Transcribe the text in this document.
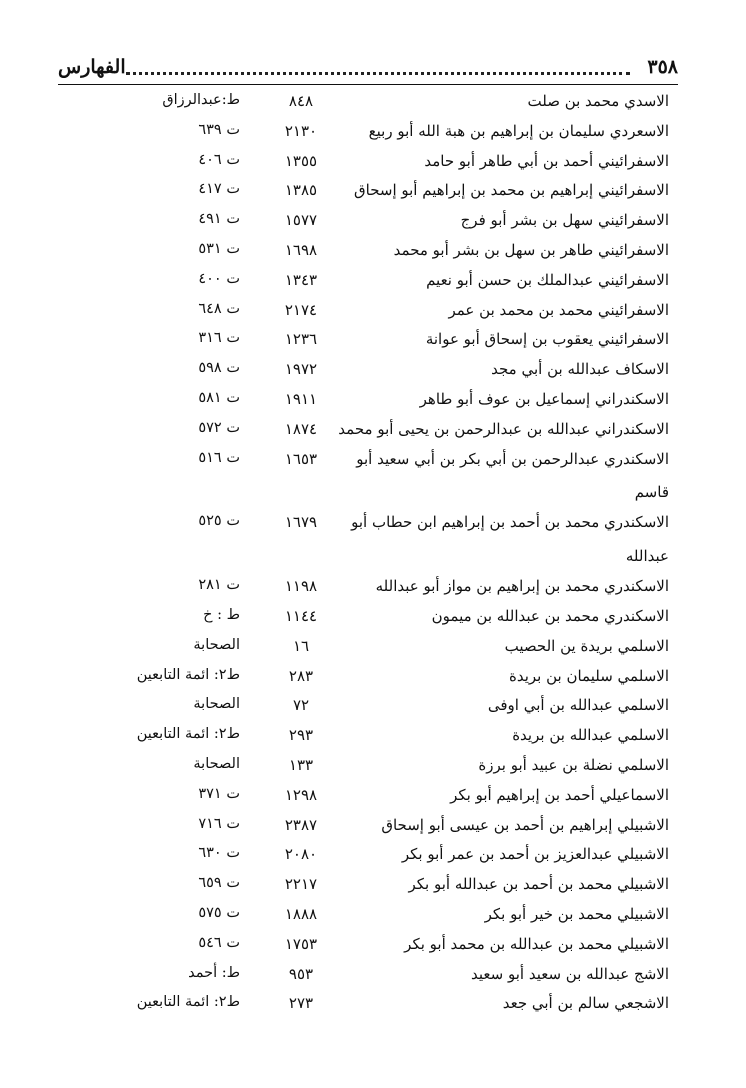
٣٥٨
الفهارس
الاسدي محمد بن صلت
٨٤٨
ط:عبدالرزاق
الاسعردي سليمان بن إبراهيم بن هبة الله أبو ربيع
٢١٣٠
ت ٦٣٩
الاسفرائيني أحمد بن أبي طاهر أبو حامد
١٣٥٥
ت ٤٠٦
الاسفرائيني إبراهيم بن محمد بن إبراهيم أبو إسحاق
١٣٨٥
ت ٤١٧
الاسفرائيني سهل بن بشر أبو فرج
١٥٧٧
ت ٤٩١
الاسفرائيني طاهر بن سهل بن بشر أبو محمد
١٦٩٨
ت ٥٣١
الاسفرائيني عبدالملك بن حسن أبو نعيم
١٣٤٣
ت ٤٠٠
الاسفرائيني محمد بن محمد بن عمر
٢١٧٤
ت ٦٤٨
الاسفرائيني يعقوب بن إسحاق أبو عوانة
١٢٣٦
ت ٣١٦
الاسكاف عبدالله بن أبي مجد
١٩٧٢
ت ٥٩٨
الاسكندراني إسماعيل بن عوف أبو طاهر
١٩١١
ت ٥٨١
الاسكندراني عبدالله بن عبدالرحمن بن يحيى أبو محمد
١٨٧٤
ت ٥٧٢
الاسكندري عبدالرحمن بن أبي بكر بن أبي سعيد أبو
١٦٥٣
ت ٥١٦
قاسم
الاسكندري محمد بن أحمد بن إبراهيم ابن حطاب أبو
١٦٧٩
ت ٥٢٥
عبدالله
الاسكندري محمد بن إبراهيم بن مواز أبو عبدالله
١١٩٨
ت ٢٨١
الاسكندري محمد بن عبدالله بن ميمون
١١٤٤
ط : خ
الاسلمي بريدة ين الحصيب
١٦
الصحابة
الاسلمي سليمان بن بريدة
٢٨٣
ط٢: ائمة التابعين
الاسلمي عبدالله بن أبي اوفى
٧٢
الصحابة
الاسلمي عبدالله بن بريدة
٢٩٣
ط٢: ائمة التابعين
الاسلمي نضلة بن عبيد أبو برزة
١٣٣
الصحابة
الاسماعيلي أحمد بن إبراهيم أبو بكر
١٢٩٨
ت ٣٧١
الاشبيلي إبراهيم بن أحمد بن عيسى أبو إسحاق
٢٣٨٧
ت ٧١٦
الاشبيلي عبدالعزيز بن أحمد بن عمر أبو بكر
٢٠٨٠
ت ٦٣٠
الاشبيلي محمد بن أحمد بن عبدالله أبو بكر
٢٢١٧
ت ٦٥٩
الاشبيلي محمد بن خير أبو بكر
١٨٨٨
ت ٥٧٥
الاشبيلي محمد بن عبدالله بن محمد أبو بكر
١٧٥٣
ت ٥٤٦
الاشج عبدالله بن سعيد أبو سعيد
٩٥٣
ط: أحمد
الاشجعي سالم بن أبي جعد
٢٧٣
ط٢: ائمة التابعين
